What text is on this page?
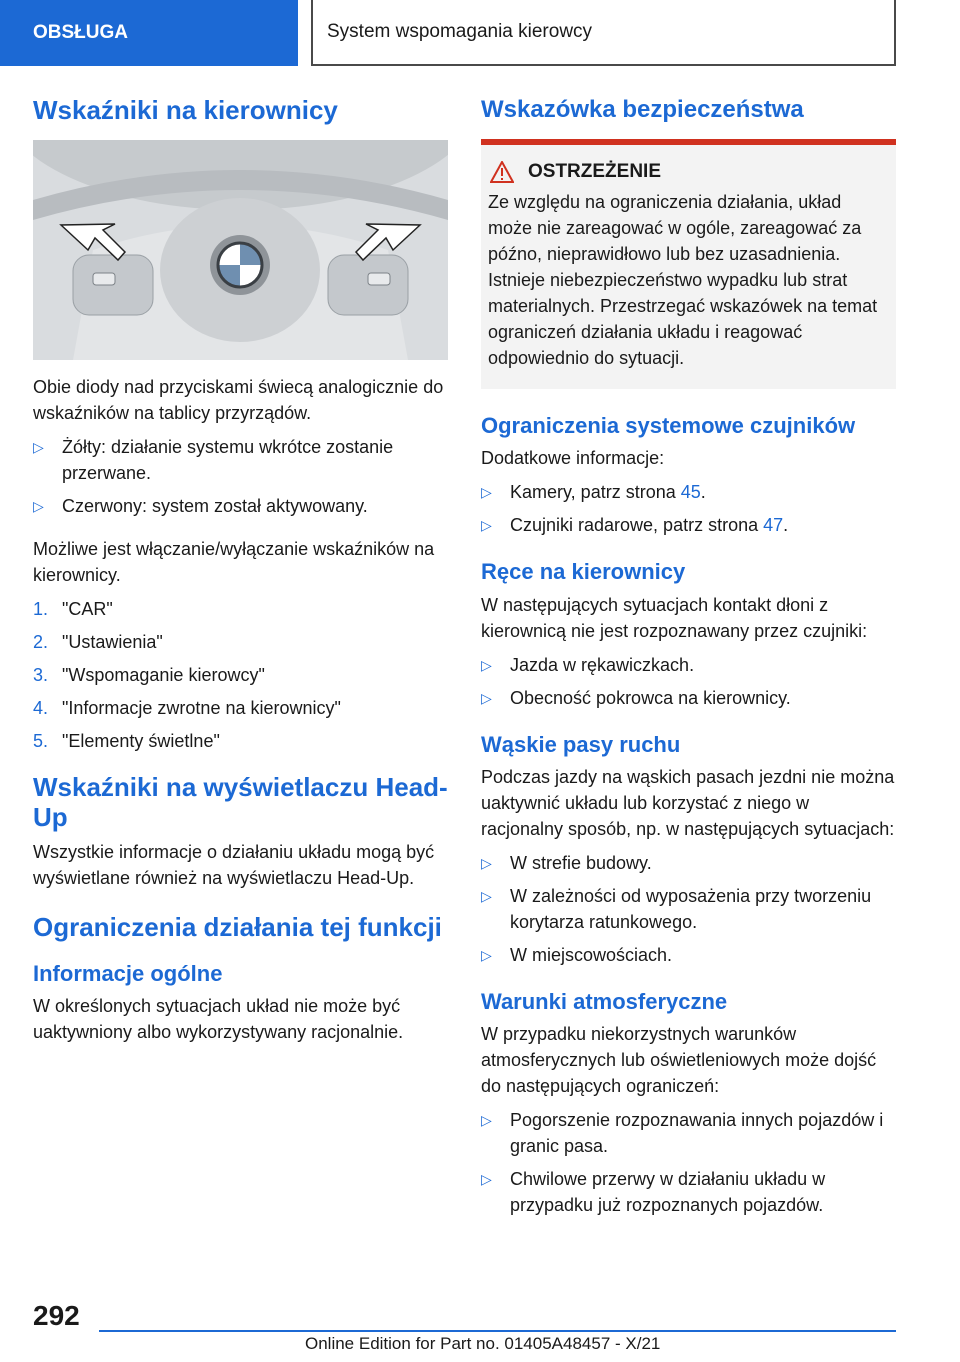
OBSŁUGA	System wspomagania kierowcy
Wskaźniki na kierownicy

Obie diody nad przyciskami świecą analogicznie do wskaźników na tablicy przyrządów.

▷ Żółty: działanie systemu wkrótce zostanie przerwane.
▷ Czerwony: system został aktywowany.

Możliwe jest włączanie/wyłączanie wskaźników na kierownicy.

1. "CAR"
2. "Ustawienia"
3. "Wspomaganie kierowcy"
4. "Informacje zwrotne na kierownicy"
5. "Elementy świetlne"
Wskaźniki na wyświetlaczu Head-Up

Wszystkie informacje o działaniu układu mogą być wyświetlane również na wyświetlaczu Head-Up.

Ograniczenia działania tej funkcji
Informacje ogólne

W określonych sytuacjach układ nie może być uaktywniony albo wykorzystywany racjonalnie.

Wskazówka bezpieczeństwa
OSTRZEŻENIE

Ze względu na ograniczenia działania, układ może nie zareagować w ogóle, zareagować za późno, nieprawidłowo lub bez uzasadnienia. Istnieje niebezpieczeństwo wypadku lub strat materialnych. Przestrzegać wskazówek na temat ograniczeń działania układu i reagować odpowiednio do sytuacji.

Ograniczenia systemowe czujników

Dodatkowe informacje:

▷ Kamery, patrz strona 45.
▷ Czujniki radarowe, patrz strona 47.
Ręce na kierownicy

W następujących sytuacjach kontakt dłoni z kierownicą nie jest rozpoznawany przez czujniki:

▷ Jazda w rękawiczkach.
▷ Obecność pokrowca na kierownicy.
Wąskie pasy ruchu

Podczas jazdy na wąskich pasach jezdni nie można uaktywnić układu lub korzystać z niego w racjonalny sposób, np. w następujących sytuacjach:

▷ W strefie budowy.
▷ W zależności od wyposażenia przy tworzeniu korytarza ratunkowego.
▷ W miejscowościach.
Warunki atmosferyczne

W przypadku niekorzystnych warunków atmosferycznych lub oświetleniowych może dojść do następujących ograniczeń:

▷ Pogorszenie rozpoznawania innych pojazdów i granic pasa.
▷ Chwilowe przerwy w działaniu układu w przypadku już rozpoznanych pojazdów.
292
Online Edition for Part no. 01405A48457 - X/21
